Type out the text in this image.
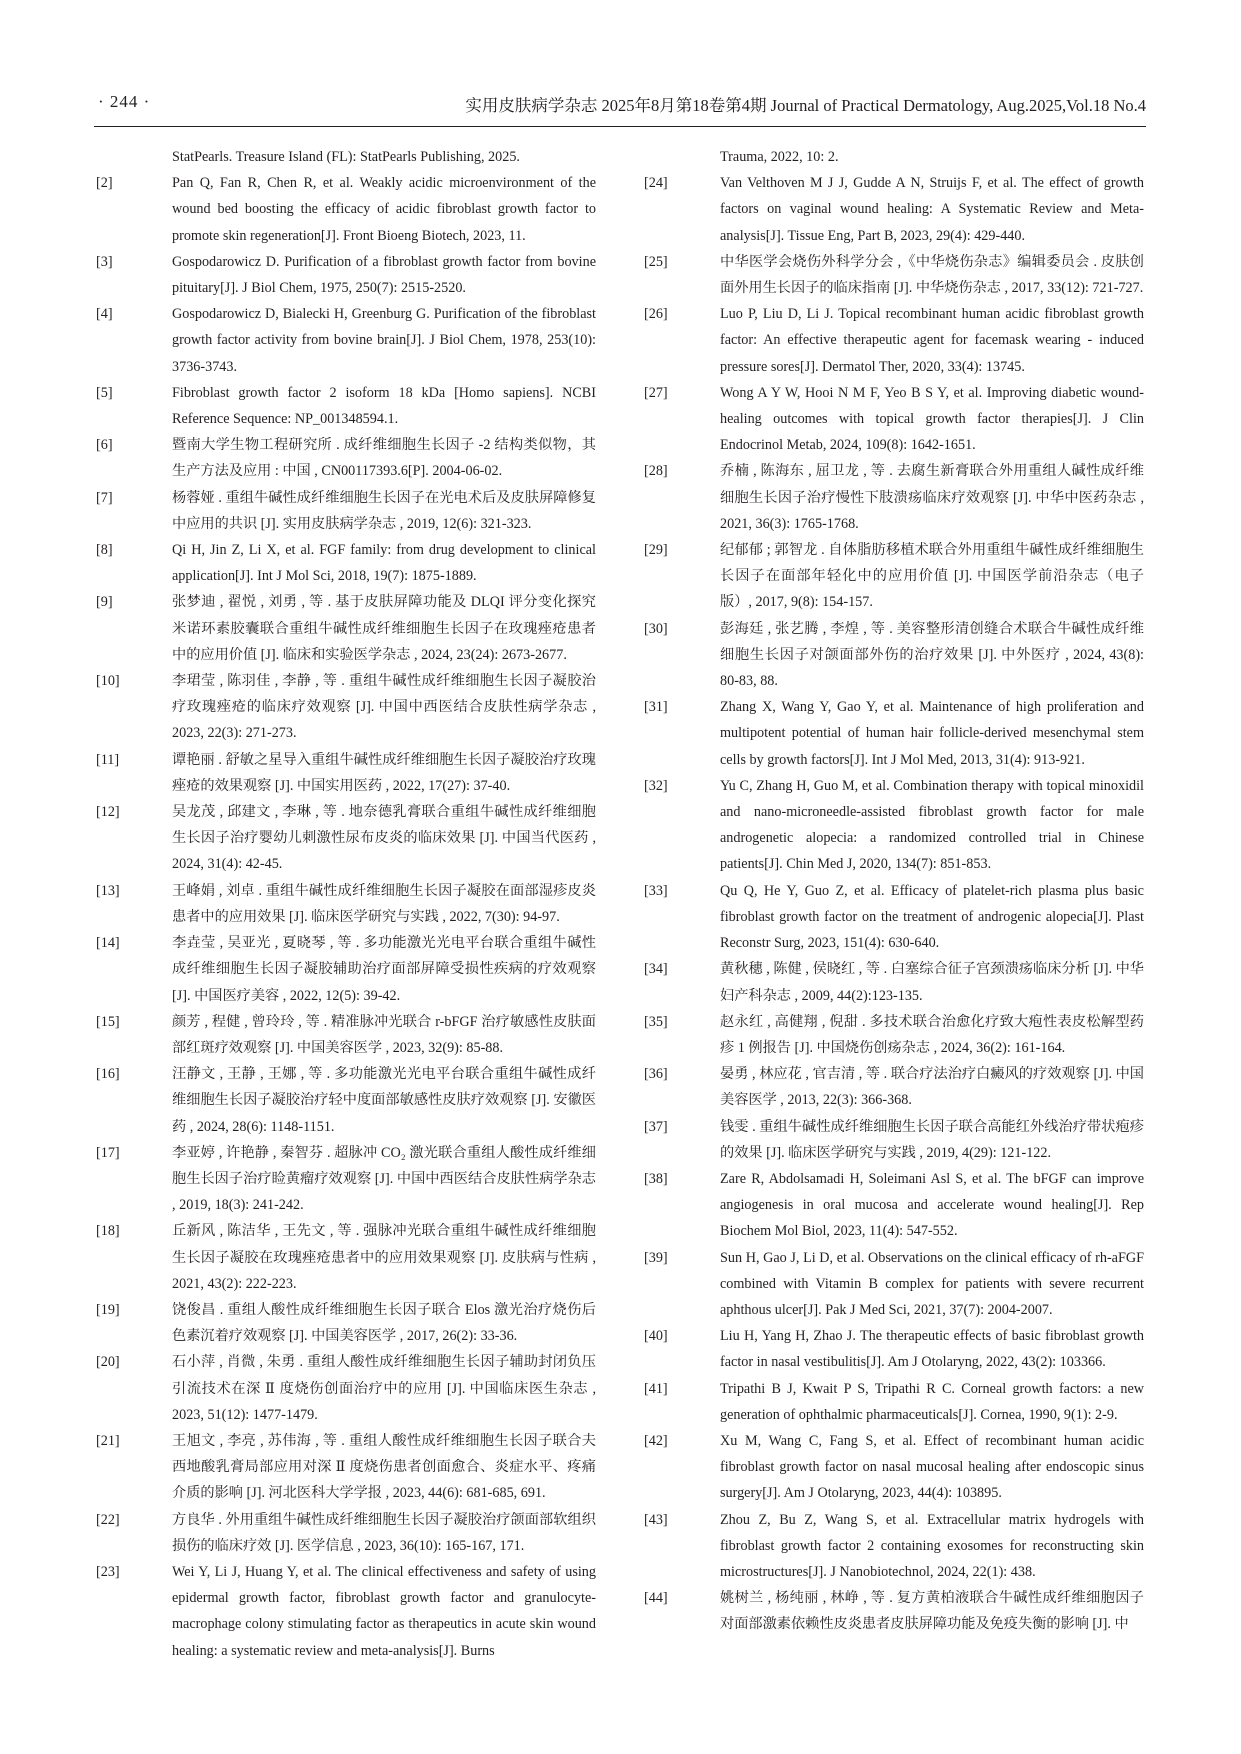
· 244 ·	实用皮肤病学杂志 2025年8月第18卷第4期 Journal of Practical Dermatology, Aug.2025,Vol.18 No.4
StatPearls. Treasure Island (FL): StatPearls Publishing, 2025.
[2]	Pan Q, Fan R, Chen R, et al. Weakly acidic microenvironment of the wound bed boosting the efficacy of acidic fibroblast growth factor to promote skin regeneration[J]. Front Bioeng Biotech, 2023, 11.
[3]	Gospodarowicz D. Purification of a fibroblast growth factor from bovine pituitary[J]. J Biol Chem, 1975, 250(7): 2515-2520.
[4]	Gospodarowicz D, Bialecki H, Greenburg G. Purification of the fibroblast growth factor activity from bovine brain[J]. J Biol Chem, 1978, 253(10): 3736-3743.
[5]	Fibroblast growth factor 2 isoform 18 kDa [Homo sapiens]. NCBI Reference Sequence: NP_001348594.1.
[6]	暨南大学生物工程研究所 . 成纤维细胞生长因子 -2 结构类似物，其生产方法及应用 : 中国 , CN00117393.6[P]. 2004-06-02.
[7]	杨蓉娅 . 重组牛碱性成纤维细胞生长因子在光电术后及皮肤屏障修复中应用的共识 [J]. 实用皮肤病学杂志 , 2019, 12(6): 321-323.
[8]	Qi H, Jin Z, Li X, et al. FGF family: from drug development to clinical application[J]. Int J Mol Sci, 2018, 19(7): 1875-1889.
[9]	张梦迪 , 翟悦 , 刘勇 , 等 . 基于皮肤屏障功能及 DLQI 评分变化探究米诺环素胶囊联合重组牛碱性成纤维细胞生长因子在玫瑰痤疮患者中的应用价值 [J]. 临床和实验医学杂志 , 2024, 23(24): 2673-2677.
[10]	李珺莹 , 陈羽佳 , 李静 , 等 . 重组牛碱性成纤维细胞生长因子凝胶治疗玫瑰痤疮的临床疗效观察 [J]. 中国中西医结合皮肤性病学杂志 , 2023, 22(3): 271-273.
[11]	谭艳丽 . 舒敏之星导入重组牛碱性成纤维细胞生长因子凝胶治疗玫瑰痤疮的效果观察 [J]. 中国实用医药 , 2022, 17(27): 37-40.
[12]	吴龙茂 , 邱建文 , 李琳 , 等 . 地奈德乳膏联合重组牛碱性成纤维细胞生长因子治疗婴幼儿刺激性尿布皮炎的临床效果 [J]. 中国当代医药 , 2024, 31(4): 42-45.
[13]	王峰娟 , 刘卓 . 重组牛碱性成纤维细胞生长因子凝胶在面部湿疹皮炎患者中的应用效果 [J]. 临床医学研究与实践 , 2022, 7(30): 94-97.
[14]	李垚莹 , 吴亚光 , 夏晓琴 , 等 . 多功能激光光电平台联合重组牛碱性成纤维细胞生长因子凝胶辅助治疗面部屏障受损性疾病的疗效观察 [J]. 中国医疗美容 , 2022, 12(5): 39-42.
[15]	颜芳 , 程健 , 曾玲玲 , 等 . 精准脉冲光联合 r-bFGF 治疗敏感性皮肤面部红斑疗效观察 [J]. 中国美容医学 , 2023, 32(9): 85-88.
[16]	汪静文 , 王静 , 王娜 , 等 . 多功能激光光电平台联合重组牛碱性成纤维细胞生长因子凝胶治疗轻中度面部敏感性皮肤疗效观察 [J]. 安徽医药 , 2024, 28(6): 1148-1151.
[17]	李亚婷 , 许艳静 , 秦智芬 . 超脉冲 CO₂ 激光联合重组人酸性成纤维细胞生长因子治疗睑黄瘤疗效观察 [J]. 中国中西医结合皮肤性病学杂志 , 2019, 18(3): 241-242.
[18]	丘新风 , 陈洁华 , 王先文 , 等 . 强脉冲光联合重组牛碱性成纤维细胞生长因子凝胶在玫瑰痤疮患者中的应用效果观察 [J]. 皮肤病与性病 , 2021, 43(2): 222-223.
[19]	饶俊昌 . 重组人酸性成纤维细胞生长因子联合 Elos 激光治疗烧伤后色素沉着疗效观察 [J]. 中国美容医学 , 2017, 26(2): 33-36.
[20]	石小萍 , 肖微 , 朱勇 . 重组人酸性成纤维细胞生长因子辅助封闭负压引流技术在深 Ⅱ 度烧伤创面治疗中的应用 [J]. 中国临床医生杂志 , 2023, 51(12): 1477-1479.
[21]	王旭文 , 李亮 , 苏伟海 , 等 . 重组人酸性成纤维细胞生长因子联合夫西地酸乳膏局部应用对深 Ⅱ 度烧伤患者创面愈合、炎症水平、疼痛介质的影响 [J]. 河北医科大学学报 , 2023, 44(6): 681-685, 691.
[22]	方良华 . 外用重组牛碱性成纤维细胞生长因子凝胶治疗颌面部软组织损伤的临床疗效 [J]. 医学信息 , 2023, 36(10): 165-167, 171.
[23]	Wei Y, Li J, Huang Y, et al. The clinical effectiveness and safety of using epidermal growth factor, fibroblast growth factor and granulocyte-macrophage colony stimulating factor as therapeutics in acute skin wound healing: a systematic review and meta-analysis[J]. Burns
Trauma, 2022, 10: 2.
[24]	Van Velthoven M J J, Gudde A N, Struijs F, et al. The effect of growth factors on vaginal wound healing: A Systematic Review and Meta-analysis[J]. Tissue Eng, Part B, 2023, 29(4): 429-440.
[25]	中华医学会烧伤外科学分会 ,《中华烧伤杂志》编辑委员会 . 皮肤创面外用生长因子的临床指南 [J]. 中华烧伤杂志 , 2017, 33(12): 721-727.
[26]	Luo P, Liu D, Li J. Topical recombinant human acidic fibroblast growth factor: An effective therapeutic agent for facemask wearing - induced pressure sores[J]. Dermatol Ther, 2020, 33(4): 13745.
[27]	Wong A Y W, Hooi N M F, Yeo B S Y, et al. Improving diabetic wound-healing outcomes with topical growth factor therapies[J]. J Clin Endocrinol Metab, 2024, 109(8): 1642-1651.
[28]	乔楠 , 陈海东 , 屈卫龙 , 等 . 去腐生新膏联合外用重组人碱性成纤维细胞生长因子治疗慢性下肢溃疡临床疗效观察 [J]. 中华中医药杂志 , 2021, 36(3): 1765-1768.
[29]	纪郁郁 ; 郭智龙 . 自体脂肪移植术联合外用重组牛碱性成纤维细胞生长因子在面部年轻化中的应用价值 [J]. 中国医学前沿杂志（电子版）, 2017, 9(8): 154-157.
[30]	彭海廷 , 张艺腾 , 李煌 , 等 . 美容整形清创缝合术联合牛碱性成纤维细胞生长因子对颌面部外伤的治疗效果 [J]. 中外医疗 , 2024, 43(8): 80-83, 88.
[31]	Zhang X, Wang Y, Gao Y, et al. Maintenance of high proliferation and multipotent potential of human hair follicle-derived mesenchymal stem cells by growth factors[J]. Int J Mol Med, 2013, 31(4): 913-921.
[32]	Yu C, Zhang H, Guo M, et al. Combination therapy with topical minoxidil and nano-microneedle-assisted fibroblast growth factor for male androgenetic alopecia: a randomized controlled trial in Chinese patients[J]. Chin Med J, 2020, 134(7): 851-853.
[33]	Qu Q, He Y, Guo Z, et al. Efficacy of platelet-rich plasma plus basic fibroblast growth factor on the treatment of androgenic alopecia[J]. Plast Reconstr Surg, 2023, 151(4): 630-640.
[34]	黄秋穗 , 陈健 , 侯晓红 , 等 . 白塞综合征子宫颈溃疡临床分析 [J]. 中华妇产科杂志 , 2009, 44(2):123-135.
[35]	赵永红 , 高健翔 , 倪甜 . 多技术联合治愈化疗致大疱性表皮松解型药疹 1 例报告 [J]. 中国烧伤创疡杂志 , 2024, 36(2): 161-164.
[36]	晏勇 , 林应花 , 官吉清 , 等 . 联合疗法治疗白癜风的疗效观察 [J]. 中国美容医学 , 2013, 22(3): 366-368.
[37]	钱雯 . 重组牛碱性成纤维细胞生长因子联合高能红外线治疗带状疱疹的效果 [J]. 临床医学研究与实践 , 2019, 4(29): 121-122.
[38]	Zare R, Abdolsamadi H, Soleimani Asl S, et al. The bFGF can improve angiogenesis in oral mucosa and accelerate wound healing[J]. Rep Biochem Mol Biol, 2023, 11(4): 547-552.
[39]	Sun H, Gao J, Li D, et al. Observations on the clinical efficacy of rh-aFGF combined with Vitamin B complex for patients with severe recurrent aphthous ulcer[J]. Pak J Med Sci, 2021, 37(7): 2004-2007.
[40]	Liu H, Yang H, Zhao J. The therapeutic effects of basic fibroblast growth factor in nasal vestibulitis[J]. Am J Otolaryng, 2022, 43(2): 103366.
[41]	Tripathi B J, Kwait P S, Tripathi R C. Corneal growth factors: a new generation of ophthalmic pharmaceuticals[J]. Cornea, 1990, 9(1): 2-9.
[42]	Xu M, Wang C, Fang S, et al. Effect of recombinant human acidic fibroblast growth factor on nasal mucosal healing after endoscopic sinus surgery[J]. Am J Otolaryng, 2023, 44(4): 103895.
[43]	Zhou Z, Bu Z, Wang S, et al. Extracellular matrix hydrogels with fibroblast growth factor 2 containing exosomes for reconstructing skin microstructures[J]. J Nanobiotechnol, 2024, 22(1): 438.
[44]	姚树兰 , 杨纯丽 , 林峥 , 等 . 复方黄柏液联合牛碱性成纤维细胞因子对面部激素依赖性皮炎患者皮肤屏障功能及免疫失衡的影响 [J]. 中
